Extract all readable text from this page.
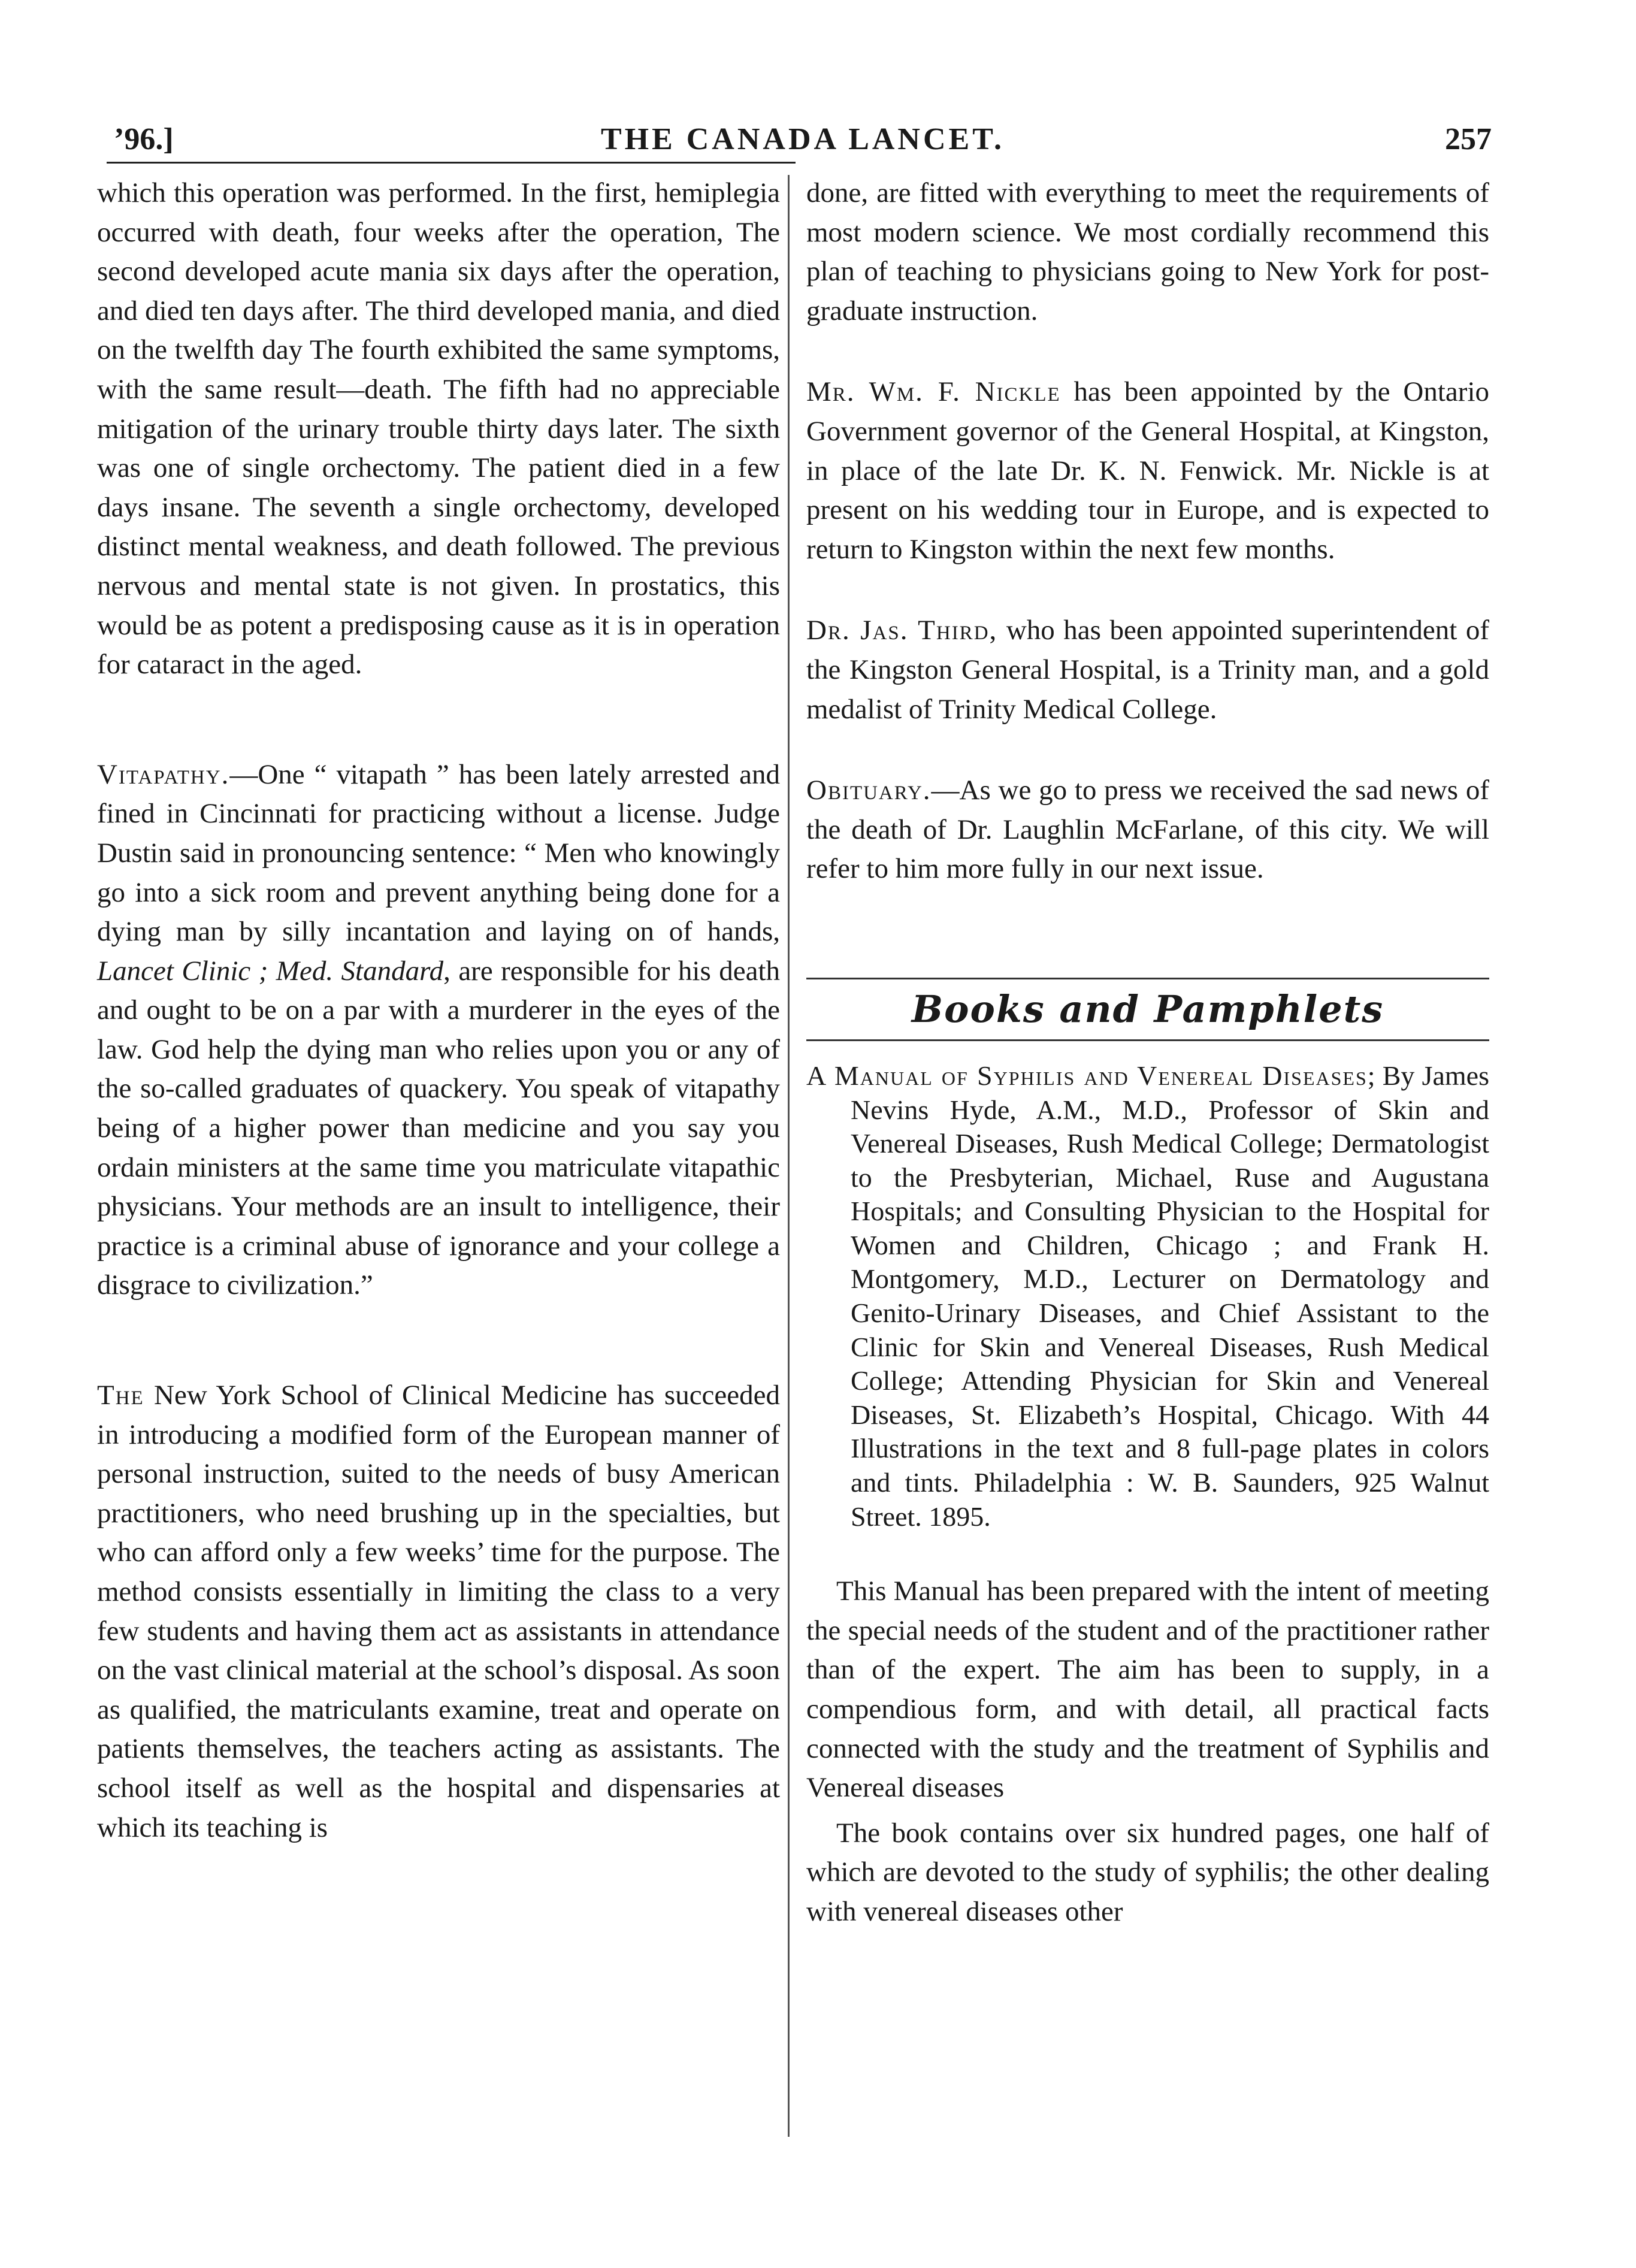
’96.]	THE CANADA LANCET.	257

which this operation was performed. In the first, hemiplegia occurred with death, four weeks after the operation, The second developed acute mania six days after the operation, and died ten days after. The third developed mania, and died on the twelfth day The fourth exhibited the same symptoms, with the same result—death. The fifth had no appreciable mitigation of the urinary trouble thirty days later. The sixth was one of single orchectomy. The patient died in a few days insane. The seventh a single orchectomy, developed distinct mental weakness, and death followed. The previous nervous and mental state is not given. In prostatics, this would be as potent a predisposing cause as it is in operation for cataract in the aged.

Vitapathy.—One “ vitapath ” has been lately arrested and fined in Cincinnati for practicing without a license. Judge Dustin said in pronouncing sentence: “ Men who knowingly go into a sick room and prevent anything being done for a dying man by silly incantation and laying on of hands, Lancet Clinic ; Med. Standard, are responsible for his death and ought to be on a par with a murderer in the eyes of the law. God help the dying man who relies upon you or any of the so-called graduates of quackery. You speak of vitapathy being of a higher power than medicine and you say you ordain ministers at the same time you matriculate vitapathic physicians. Your methods are an insult to intelligence, their practice is a criminal abuse of ignorance and your college a disgrace to civilization.”

The New York School of Clinical Medicine has succeeded in introducing a modified form of the European manner of personal instruction, suited to the needs of busy American practitioners, who need brushing up in the specialties, but who can afford only a few weeks’ time for the purpose. The method consists essentially in limiting the class to a very few students and having them act as assistants in attendance on the vast clinical material at the school’s disposal. As soon as qualified, the matriculants examine, treat and operate on patients themselves, the teachers acting as assistants. The school itself as well as the hospital and dispensaries at which its teaching is

done, are fitted with everything to meet the requirements of most modern science. We most cordially recommend this plan of teaching to physicians going to New York for post-graduate instruction.

Mr. Wm. F. Nickle has been appointed by the Ontario Government governor of the General Hospital, at Kingston, in place of the late Dr. K. N. Fenwick. Mr. Nickle is at present on his wedding tour in Europe, and is expected to return to Kingston within the next few months.

Dr. Jas. Third, who has been appointed superintendent of the Kingston General Hospital, is a Trinity man, and a gold medalist of Trinity Medical College.

Obituary.—As we go to press we received the sad news of the death of Dr. Laughlin McFarlane, of this city. We will refer to him more fully in our next issue.

Books and Pamphlets

A Manual of Syphilis and Venereal Diseases; By James Nevins Hyde, A.M., M.D., Professor of Skin and Venereal Diseases, Rush Medical College; Dermatologist to the Presbyterian, Michael, Ruse and Augustana Hospitals; and Consulting Physician to the Hospital for Women and Children, Chicago ; and Frank H. Montgomery, M.D., Lecturer on Dermatology and Genito-Urinary Diseases, and Chief Assistant to the Clinic for Skin and Venereal Diseases, Rush Medical College; Attending Physician for Skin and Venereal Diseases, St. Elizabeth’s Hospital, Chicago. With 44 Illustrations in the text and 8 full-page plates in colors and tints. Philadelphia : W. B. Saunders, 925 Walnut Street. 1895.

This Manual has been prepared with the intent of meeting the special needs of the student and of the practitioner rather than of the expert. The aim has been to supply, in a compendious form, and with detail, all practical facts connected with the study and the treatment of Syphilis and Venereal diseases

The book contains over six hundred pages, one half of which are devoted to the study of syphilis; the other dealing with venereal diseases other
